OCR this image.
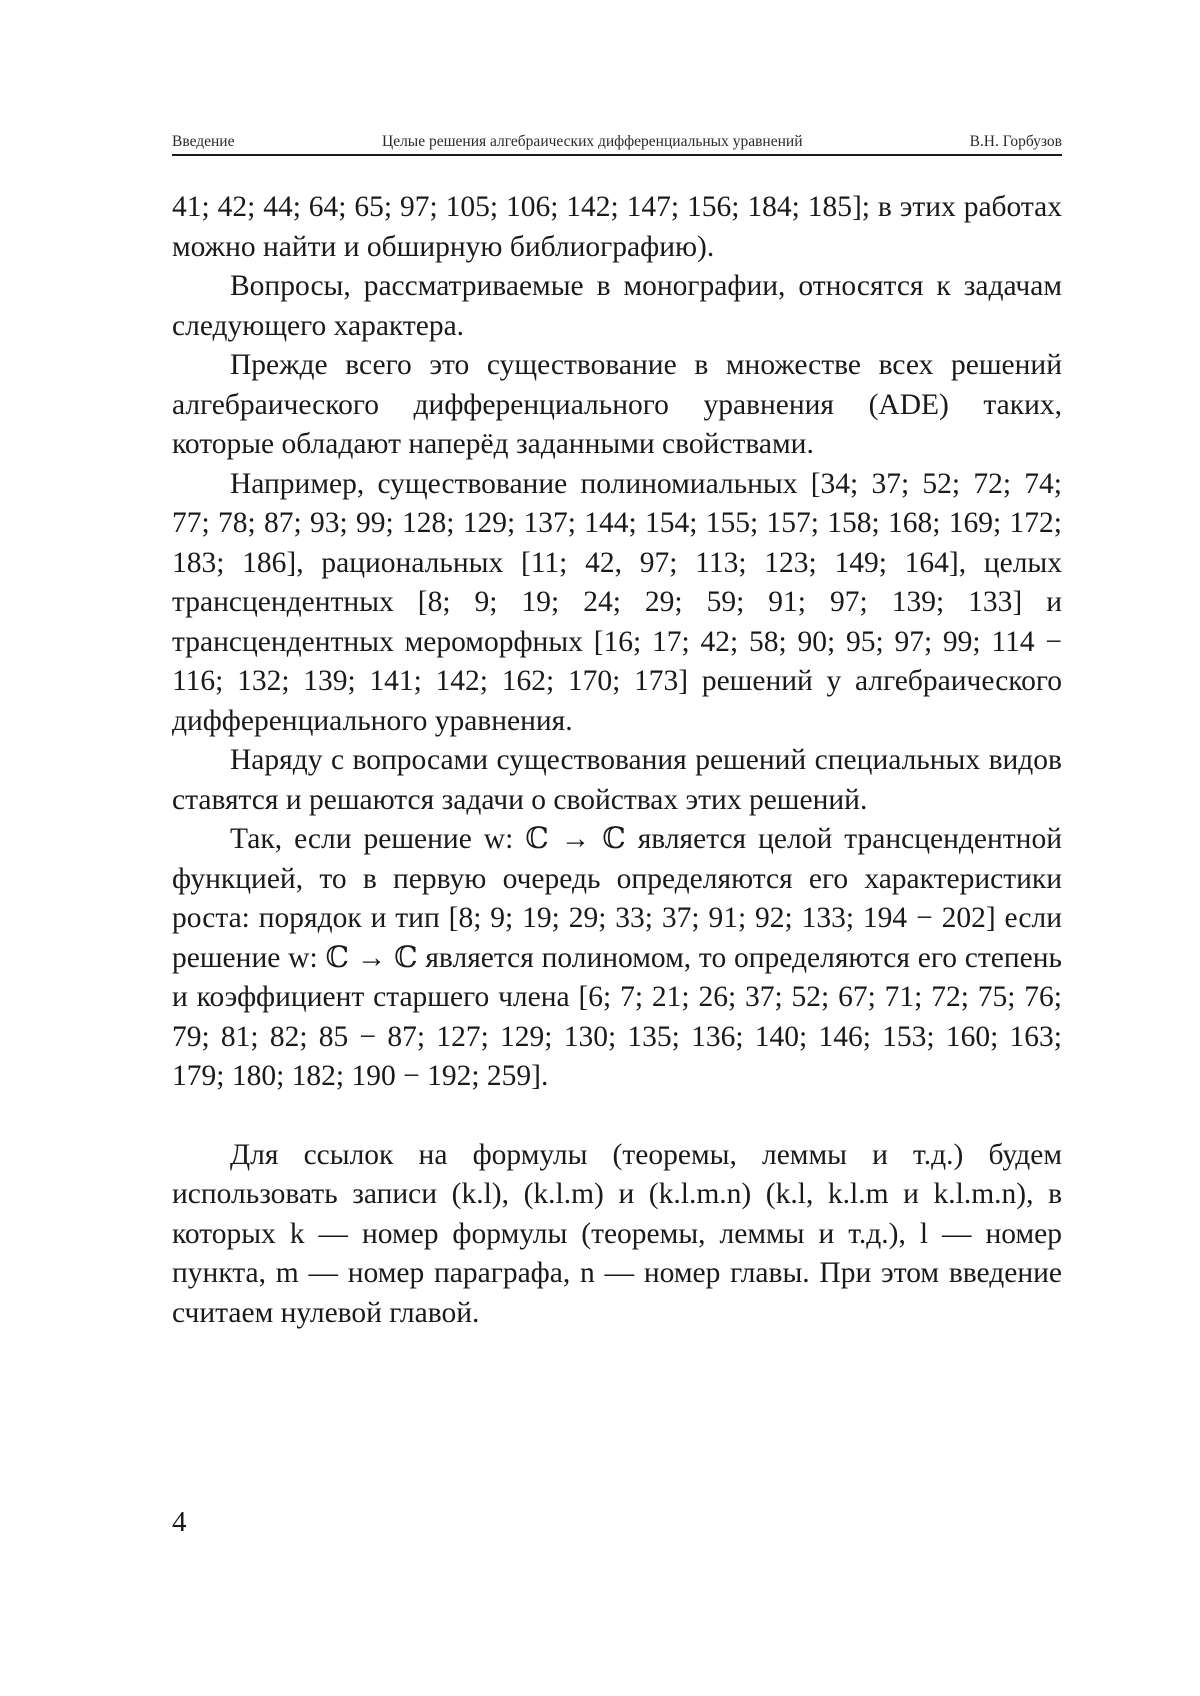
Введение	Целые решения алгебраических дифференциальных уравнений	В.Н. Горбузов

41; 42; 44; 64; 65; 97; 105; 106; 142; 147; 156; 184; 185]; в этих работах можно найти и обширную библиографию).

Вопросы, рассматриваемые в монографии, относятся к задачам следующего характера.

Прежде всего это существование в множестве всех решений алгебраического дифференциального уравнения (ADE) таких, которые обладают наперёд заданными свойствами.

Например, существование полиномиальных [34; 37; 52; 72; 74; 77; 78; 87; 93; 99; 128; 129; 137; 144; 154; 155; 157; 158; 168; 169; 172; 183; 186], рациональных [11; 42, 97; 113; 123; 149; 164], целых трансцендентных [8; 9; 19; 24; 29; 59; 91; 97; 139; 133] и трансцендентных мероморфных [16; 17; 42; 58; 90; 95; 97; 99; 114 − 116; 132; 139; 141; 142; 162; 170; 173] решений у алгебраического дифференциального уравнения.

Наряду с вопросами существования решений специальных видов ставятся и решаются задачи о свойствах этих решений.

Так, если решение w: ℂ → ℂ является целой трансцендентной функцией, то в первую очередь определяются его характеристики роста: порядок и тип [8; 9; 19; 29; 33; 37; 91; 92; 133; 194 − 202] если решение w: ℂ → ℂ является полиномом, то определяются его степень и коэффициент старшего члена [6; 7; 21; 26; 37; 52; 67; 71; 72; 75; 76; 79; 81; 82; 85 − 87; 127; 129; 130; 135; 136; 140; 146; 153; 160; 163; 179; 180; 182; 190 − 192; 259].

Для ссылок на формулы (теоремы, леммы и т.д.) будем использовать записи (k.l), (k.l.m) и (k.l.m.n) (k.l, k.l.m и k.l.m.n), в которых k — номер формулы (теоремы, леммы и т.д.), l — номер пункта, m — номер параграфа, n — номер главы. При этом введение считаем нулевой главой.

4
